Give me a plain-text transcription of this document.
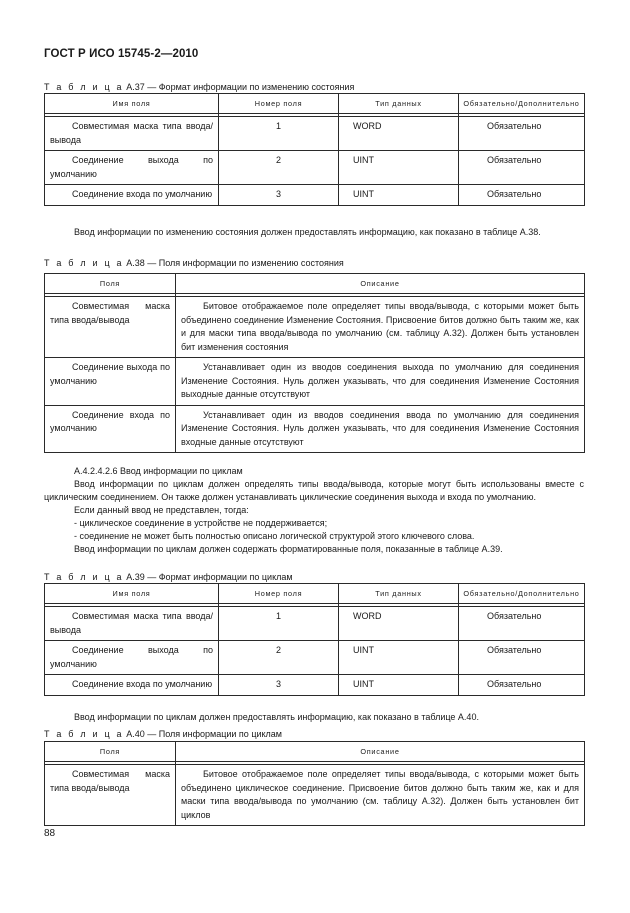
ГОСТ Р ИСО 15745-2—2010
Т а б л и ц а А.37 — Формат информации по изменению состояния
Имя поля	Номер поля	Тип данных	Обязательно/Дополнительно

Совместимая маска типа ввода/вывода	1	WORD	Обязательно
Соединение выхода по умолчанию	2	UINT	Обязательно
Соединение входа по умолчанию	3	UINT	Обязательно

Ввод информации по изменению состояния должен предоставлять информацию, как показано в таблице А.38.

Т а б л и ц а А.38 — Поля информации по изменению состояния
Поля	Описание

Совместимая маска типа ввода/вывода	Битовое отображаемое поле определяет типы ввода/вывода, с которыми может быть объединено соединение Изменение Состояния. Присвоение битов должно быть таким же, как и для маски типа ввода/вывода по умолчанию (см. таблицу А.32). Должен быть установлен бит изменения состояния
Соединение выхода по умолчанию	Устанавливает один из вводов соединения выхода по умолчанию для соединения Изменение Состояния. Нуль должен указывать, что для соединения Изменение Состояния выходные данные отсутствуют
Соединение входа по умолчанию	Устанавливает один из вводов соединения ввода по умолчанию для соединения Изменение Состояния. Нуль должен указывать, что для соединения Изменение Состояния входные данные отсутствуют

А.4.2.4.2.6 Ввод информации по циклам

Ввод информации по циклам должен определять типы ввода/вывода, которые могут быть использованы вместе с циклическим соединением. Он также должен устанавливать циклические соединения выхода и входа по умолчанию.

Если данный ввод не представлен, тогда:

- циклическое соединение в устройстве не поддерживается;

- соединение не может быть полностью описано логической структурой этого ключевого слова.

Ввод информации по циклам должен содержать форматированные поля, показанные в таблице А.39.

Т а б л и ц а А.39 — Формат информации по циклам
Имя поля	Номер поля	Тип данных	Обязательно/Дополнительно

Совместимая маска типа ввода/вывода	1	WORD	Обязательно
Соединение выхода по умолчанию	2	UINT	Обязательно
Соединение входа по умолчанию	3	UINT	Обязательно

Ввод информации по циклам должен предоставлять информацию, как показано в таблице А.40.

Т а б л и ц а А.40 — Поля информации по циклам
Поля	Описание

Совместимая маска типа ввода/вывода	Битовое отображаемое поле определяет типы ввода/вывода, с которыми может быть объединено циклическое соединение. Присвоение битов должно быть таким же, как и для маски типа ввода/вывода по умолчанию (см. таблицу А.32). Должен быть установлен бит циклов
88
